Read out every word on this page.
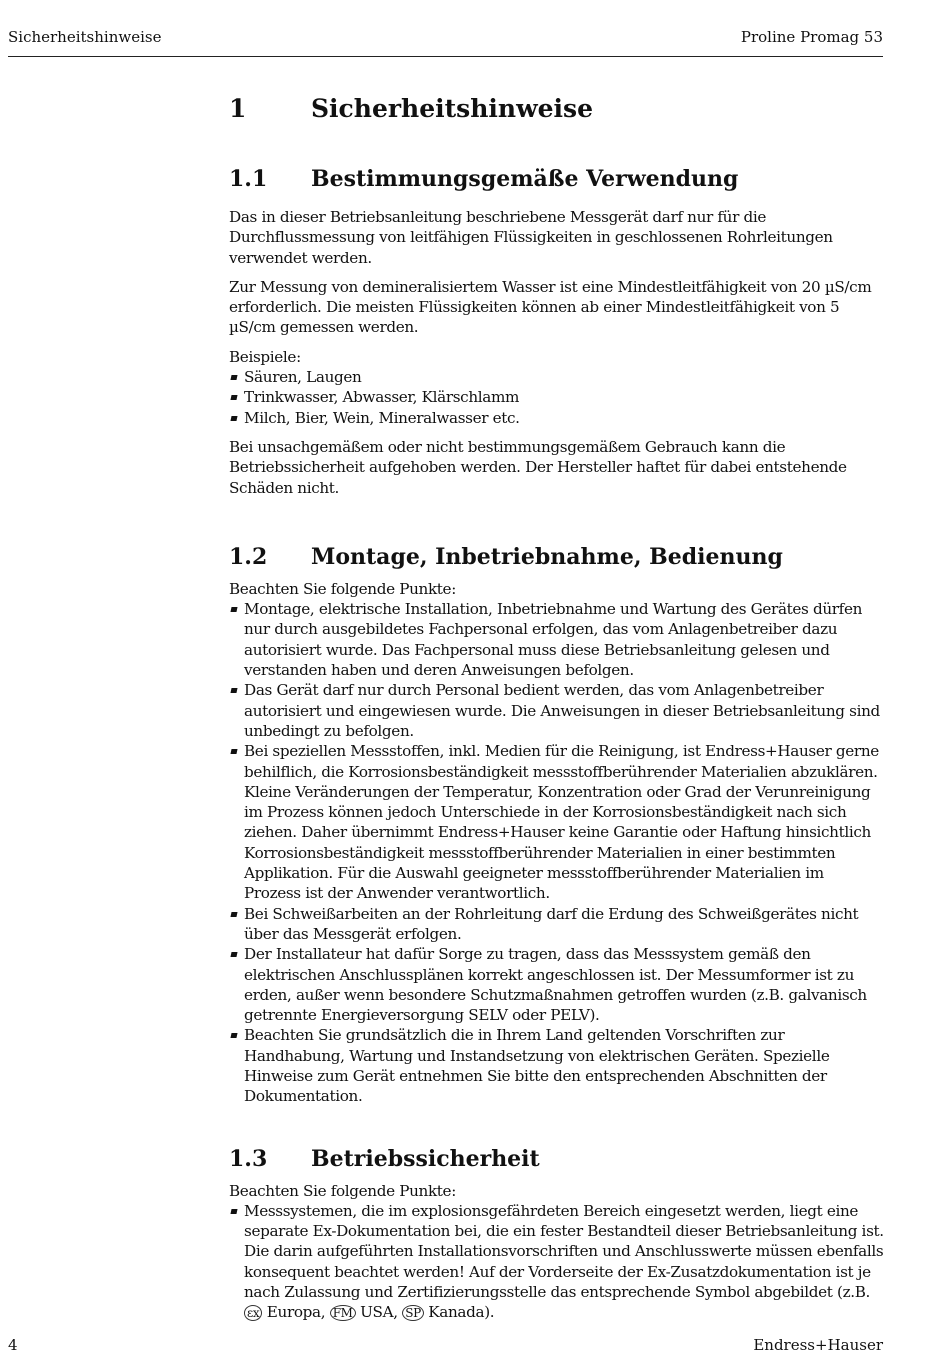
Sicherheitshinweise	Proline Promag 53
1	Sicherheitshinweise
1.1	Bestimmungsgemäße Verwendung

Das in dieser Betriebsanleitung beschriebene Messgerät darf nur für die Durchflussmessung von leitfähigen Flüssigkeiten in geschlossenen Rohrleitungen verwendet werden.

Zur Messung von demineralisiertem Wasser ist eine Mindestleitfähigkeit von 20 µS/cm erforderlich. Die meisten Flüssigkeiten können ab einer Mindestleitfähigkeit von 5 µS/cm gemessen werden.

Beispiele:

Säuren, Laugen
Trinkwasser, Abwasser, Klärschlamm
Milch, Bier, Wein, Mineralwasser etc.

Bei unsachgemäßem oder nicht bestimmungsgemäßem Gebrauch kann die Betriebssicherheit aufgehoben werden. Der Hersteller haftet für dabei entstehende Schäden nicht.

1.2	Montage, Inbetriebnahme, Bedienung

Beachten Sie folgende Punkte:

Montage, elektrische Installation, Inbetriebnahme und Wartung des Gerätes dürfen nur durch ausgebildetes Fachpersonal erfolgen, das vom Anlagenbetreiber dazu autorisiert wurde. Das Fachpersonal muss diese Betriebsanleitung gelesen und verstanden haben und deren Anweisungen befolgen.
Das Gerät darf nur durch Personal bedient werden, das vom Anlagenbetreiber autorisiert und eingewiesen wurde. Die Anweisungen in dieser Betriebsanleitung sind unbedingt zu befolgen.
Bei speziellen Messstoffen, inkl. Medien für die Reinigung, ist Endress+Hauser gerne behilflich, die Korrosionsbeständigkeit messstoffberührender Materialien abzuklären. Kleine Veränderungen der Temperatur, Konzentration oder Grad der Verunreinigung im Prozess können jedoch Unterschiede in der Korrosionsbeständigkeit nach sich ziehen. Daher übernimmt Endress+Hauser keine Garantie oder Haftung hinsichtlich Korrosionsbeständigkeit messstoffberührender Materialien in einer bestimmten Applikation. Für die Auswahl geeigneter messstoffberührender Materialien im Prozess ist der Anwender verantwortlich.
Bei Schweißarbeiten an der Rohrleitung darf die Erdung des Schweißgerätes nicht über das Messgerät erfolgen.
Der Installateur hat dafür Sorge zu tragen, dass das Messsystem gemäß den elektrischen Anschlussplänen korrekt angeschlossen ist. Der Messumformer ist zu erden, außer wenn besondere Schutzmaßnahmen getroffen wurden (z.B. galvanisch getrennte Energieversorgung SELV oder PELV).
Beachten Sie grundsätzlich die in Ihrem Land geltenden Vorschriften zur Handhabung, Wartung und Instandsetzung von elektrischen Geräten. Spezielle Hinweise zum Gerät entnehmen Sie bitte den entsprechenden Abschnitten der Dokumentation.
1.3	Betriebssicherheit

Beachten Sie folgende Punkte:

Messsystemen, die im explosionsgefährdeten Bereich eingesetzt werden, liegt eine separate Ex-Dokumentation bei, die ein fester Bestandteil dieser Betriebsanleitung ist. Die darin aufgeführten Installationsvorschriften und Anschlusswerte müssen ebenfalls konsequent beachtet werden! Auf der Vorderseite der Ex-Zusatzdokumentation ist je nach Zulassung und Zertifizierungsstelle das entsprechende Symbol abgebildet (z.B. εx Europa, FM USA, SP Kanada).
4	Endress+Hauser
